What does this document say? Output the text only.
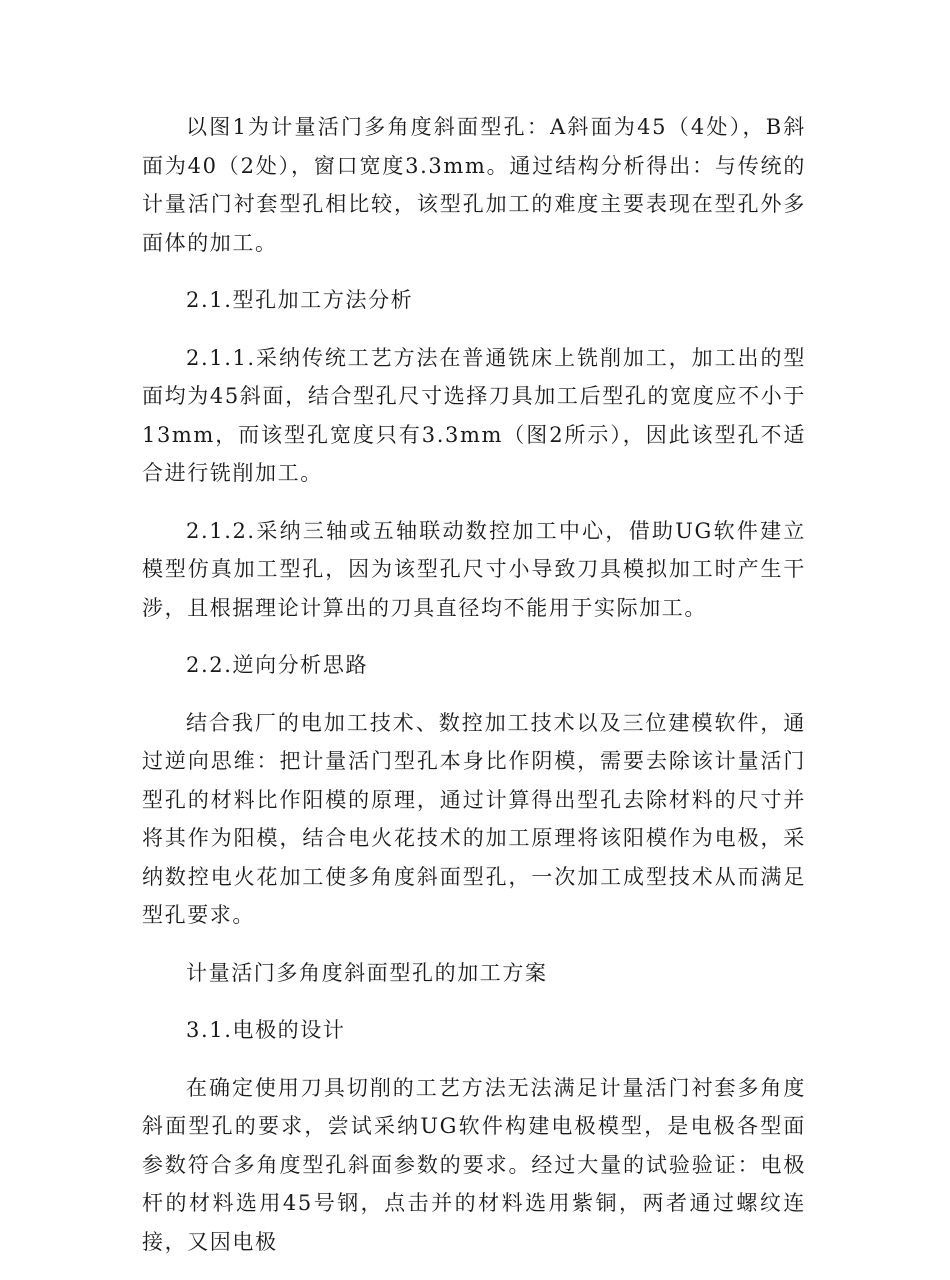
以图1为计量活门多角度斜面型孔：A斜面为45（4处），B斜面为40（2处），窗口宽度3.3mm。通过结构分析得出：与传统的计量活门衬套型孔相比较，该型孔加工的难度主要表现在型孔外多面体的加工。

2.1.型孔加工方法分析

2.1.1.采纳传统工艺方法在普通铣床上铣削加工，加工出的型面均为45斜面，结合型孔尺寸选择刀具加工后型孔的宽度应不小于13mm，而该型孔宽度只有3.3mm（图2所示），因此该型孔不适合进行铣削加工。

2.1.2.采纳三轴或五轴联动数控加工中心，借助UG软件建立模型仿真加工型孔，因为该型孔尺寸小导致刀具模拟加工时产生干涉，且根据理论计算出的刀具直径均不能用于实际加工。

2.2.逆向分析思路

结合我厂的电加工技术、数控加工技术以及三位建模软件，通过逆向思维：把计量活门型孔本身比作阴模，需要去除该计量活门型孔的材料比作阳模的原理，通过计算得出型孔去除材料的尺寸并将其作为阳模，结合电火花技术的加工原理将该阳模作为电极，采纳数控电火花加工使多角度斜面型孔，一次加工成型技术从而满足型孔要求。

计量活门多角度斜面型孔的加工方案

3.1.电极的设计

在确定使用刀具切削的工艺方法无法满足计量活门衬套多角度斜面型孔的要求，尝试采纳UG软件构建电极模型，是电极各型面参数符合多角度型孔斜面参数的要求。经过大量的试验验证：电极杆的材料选用45号钢，点击并的材料选用紫铜，两者通过螺纹连接，又因电极
